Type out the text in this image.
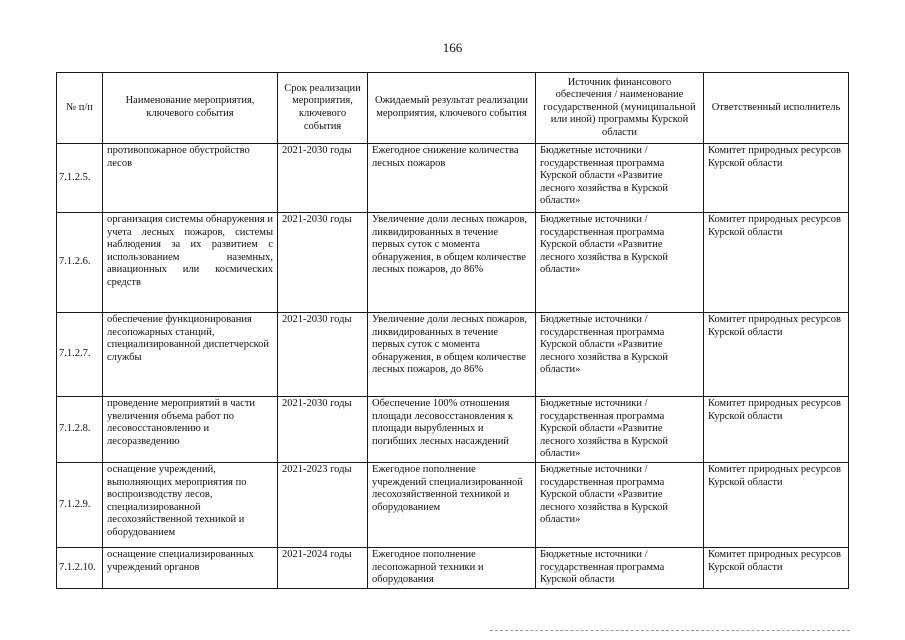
166
№ п/п	Наименование мероприятия, ключевого события	Срок реализации мероприятия, ключевого события	Ожидаемый результат реализации мероприятия, ключевого события	Источник финансового обеспечения / наименование государственной (муниципальной или иной) программы Курской области	Ответственный исполнитель
7.1.2.5.	противопожарное обустройство лесов	2021-2030 годы	Ежегодное снижение количества лесных пожаров	Бюджетные источники / государственная программа Курской области «Развитие лесного хозяйства в Курской области»	Комитет природных ресурсов Курской области
7.1.2.6.	организация системы обнаружения и учета лесных пожаров, системы наблюдения за их развитием с использованием наземных, авиационных или космических средств	2021-2030 годы	Увеличение доли лесных пожаров, ликвидированных в течение первых суток с момента обнаружения, в общем количестве лесных пожаров, до 86%	Бюджетные источники / государственная программа Курской области «Развитие лесного хозяйства в Курской области»	Комитет природных ресурсов Курской области
7.1.2.7.	обеспечение функционирования лесопожарных станций, специализированной диспетчерской службы	2021-2030 годы	Увеличение доли лесных пожаров, ликвидированных в течение первых суток с момента обнаружения, в общем количестве лесных пожаров, до 86%	Бюджетные источники / государственная программа Курской области «Развитие лесного хозяйства в Курской области»	Комитет природных ресурсов Курской области
7.1.2.8.	проведение мероприятий в части увеличения объема работ по лесовосстановлению и лесоразведению	2021-2030 годы	Обеспечение 100% отношения площади лесовосстановления к площади вырубленных и погибших лесных насаждений	Бюджетные источники / государственная программа Курской области «Развитие лесного хозяйства в Курской области»	Комитет природных ресурсов Курской области
7.1.2.9.	оснащение учреждений, выполняющих мероприятия по воспроизводству лесов, специализированной лесохозяйственной техникой и оборудованием	2021-2023 годы	Ежегодное пополнение учреждений специализированной лесохозяйственной техникой и оборудованием	Бюджетные источники / государственная программа Курской области «Развитие лесного хозяйства в Курской области»	Комитет природных ресурсов Курской области
7.1.2.10.	оснащение специализированных учреждений органов	2021-2024 годы	Ежегодное пополнение лесопожарной техники и оборудования	Бюджетные источники / государственная программа Курской области	Комитет природных ресурсов Курской области
